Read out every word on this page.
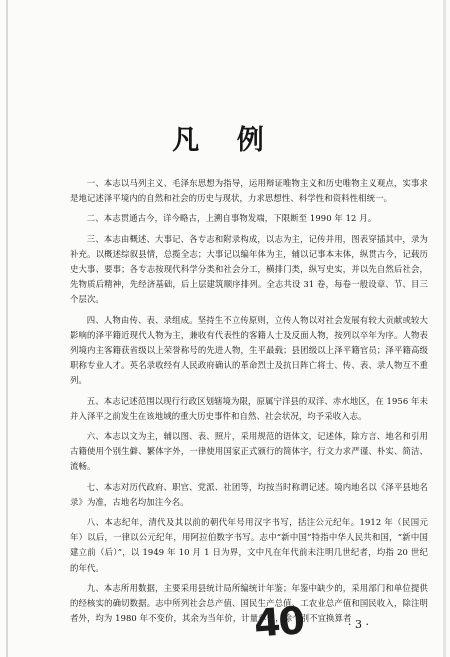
凡 例

一、本志以马列主义、毛泽东思想为指导，运用辩证唯物主义和历史唯物主义观点，实事求是地记述泽平境内的自然和社会的历史与现状，力求思想性、科学性和资料性相统一。

二、本志贯通古今，详今略古，上溯自事物发端，下限断至 1990 年 12 月。

三、本志由概述、大事记、各专志和附录构成，以志为主，记传并用，图表穿插其中，录为补充。以概述综叙县情，总揽全志；大事记以编年体为主，辅以记事本末体，纵贯古今，记载历史大事、要事；各专志按现代科学分类和社会分工，横排门类，纵写史实，并以先自然后社会，先物质后精神，先经济基础，后上层建筑顺序排列。全志共设 31 卷，每卷一般设章、节、目三个层次。

四、人物由传、表、录组成。坚持生不立传原则，立传人物以对社会发展有较大贡献或较大影响的泽平籍近现代人物为主，兼收有代表性的客籍人士及反面人物，按列以卒年为序。人物表列境内主客籍获省级以上荣誉称号的先进人物，生平最载；县团级以上泽平籍官员；泽平籍高级职称专业人才。英名录收经有人民政府确认的革命烈士及抗日阵亡将士、传、表、录人物互不重列。

五、本志记述范围以现行行政区划辖境为限，原属宁洋县的双洋、赤水地区，在 1956 年未并入泽平之前发生在该地域的重大历史事件和自然、社会状况，均予采收入志。

六、本志以文为主，辅以图、表、照片，采用规范的语体文，记述体，除方言、地名和引用古籍使用个别生僻、繁体字外，一律使用国家正式颁行的简体字，行文力求严谨、朴实、简洁、流畅。

七、本志对历代政府、职官、党派、社团等，均按当时称谓记述。境内地名以《泽平县地名录》为准，古地名均加注今名。

八、本志纪年，清代及其以前的朝代年号用汉字书写，括注公元纪年。1912 年（民国元年）以后，一律以公元纪年，用阿拉伯数字书写。志中“新中国”特指中华人民共和国，“新中国建立前（后）”，以 1949 年 10 月 1 日为界，文中凡在年代前未注明几世纪者，均指 20 世纪的年代。

九、本志所用数据，主要采用县统计局所编统计年鉴；年鉴中缺少的，采用部门和单位提供的经核实的确切数据。志中所列社会总产值、国民生产总值、工农业总产值和国民收入，除注明者外，均为 1980 年不变价，其余为当年价，计量单位，除个别不宜换算者

40	· 3 ·
